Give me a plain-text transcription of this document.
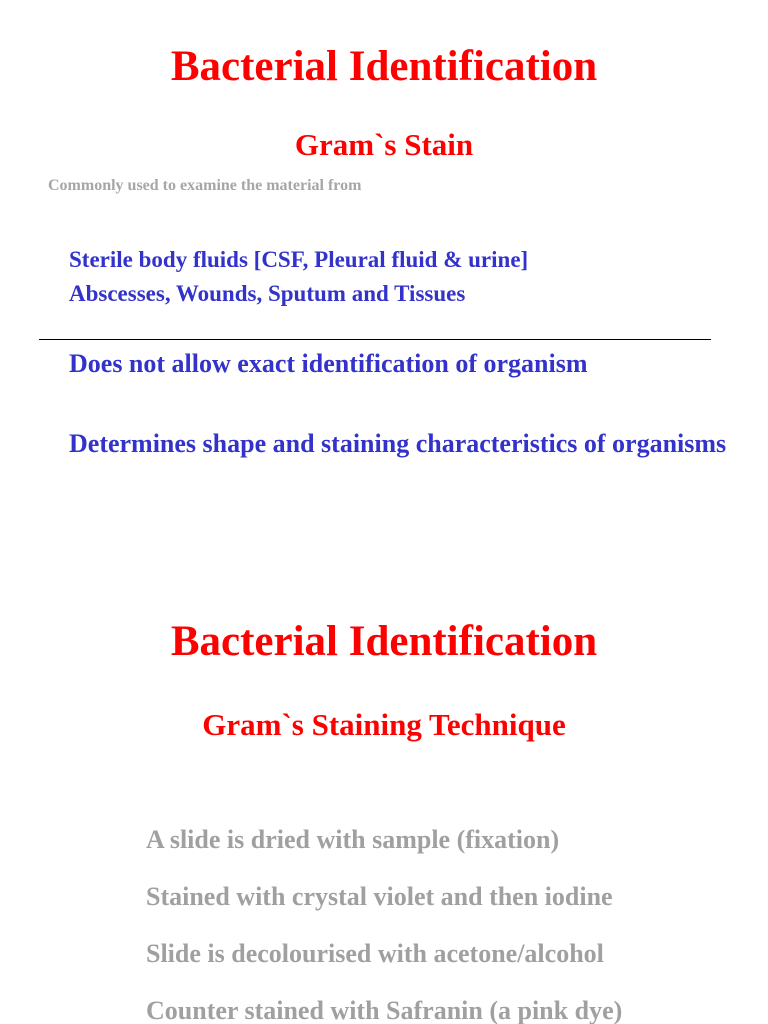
Bacterial Identification
Gram`s Stain
Commonly used to examine the material from
Sterile body fluids [CSF, Pleural fluid & urine]
Abscesses, Wounds, Sputum and Tissues
Does not allow exact identification of organism
Determines shape and staining characteristics of organisms
Bacterial Identification
Gram`s Staining Technique
A slide is dried with sample (fixation)
Stained with crystal violet and then iodine
Slide is decolourised with acetone/alcohol
Counter stained with Safranin (a pink dye)
